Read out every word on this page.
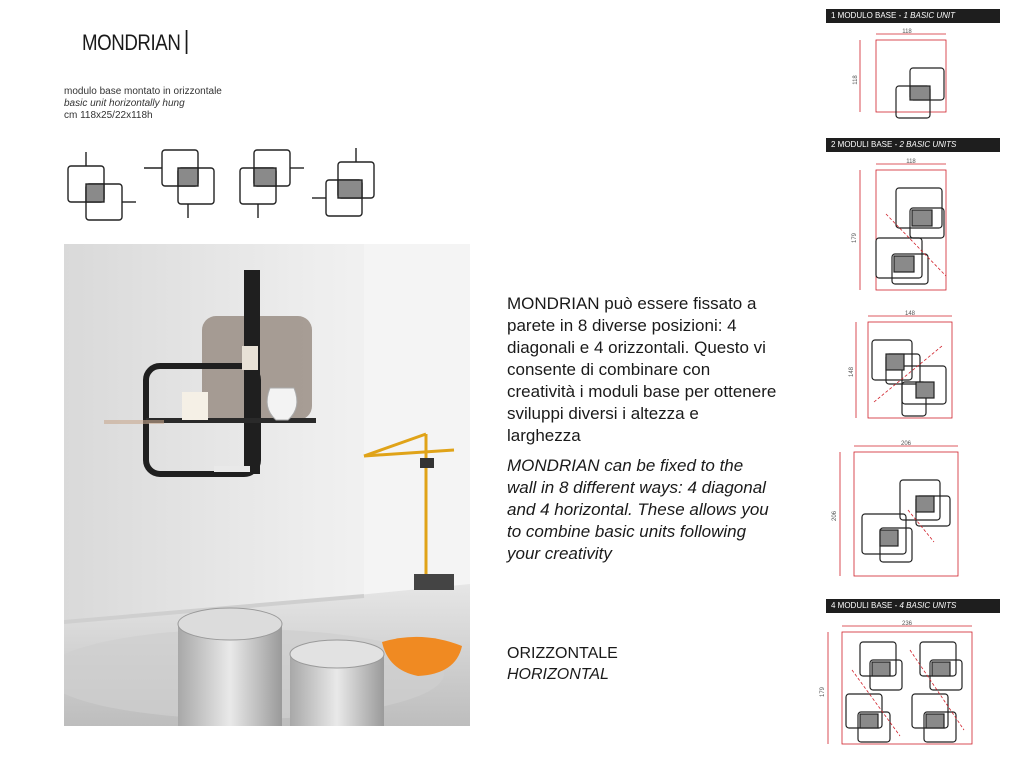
MONDRIAN
modulo base montato in orizzontale
basic unit horizontally hung
cm 118x25/22x118h
MONDRIAN può essere fissato a parete in 8 diverse posizioni: 4 diagonali e 4 orizzontali. Questo vi consente di combinare con creatività i moduli base per ottenere sviluppi diversi i altezza e larghezza
MONDRIAN can be fixed to the wall in 8 different ways: 4 diagonal and 4 horizontal. These allows you to combine basic units following your creativity
ORIZZONTALE
HORIZONTAL
1 MODULO BASE - 1 BASIC UNIT
2 MODULI BASE - 2 BASIC UNITS
4 MODULI BASE - 4 BASIC UNITS
118
118
118
179
148
148
206
206
236
179
